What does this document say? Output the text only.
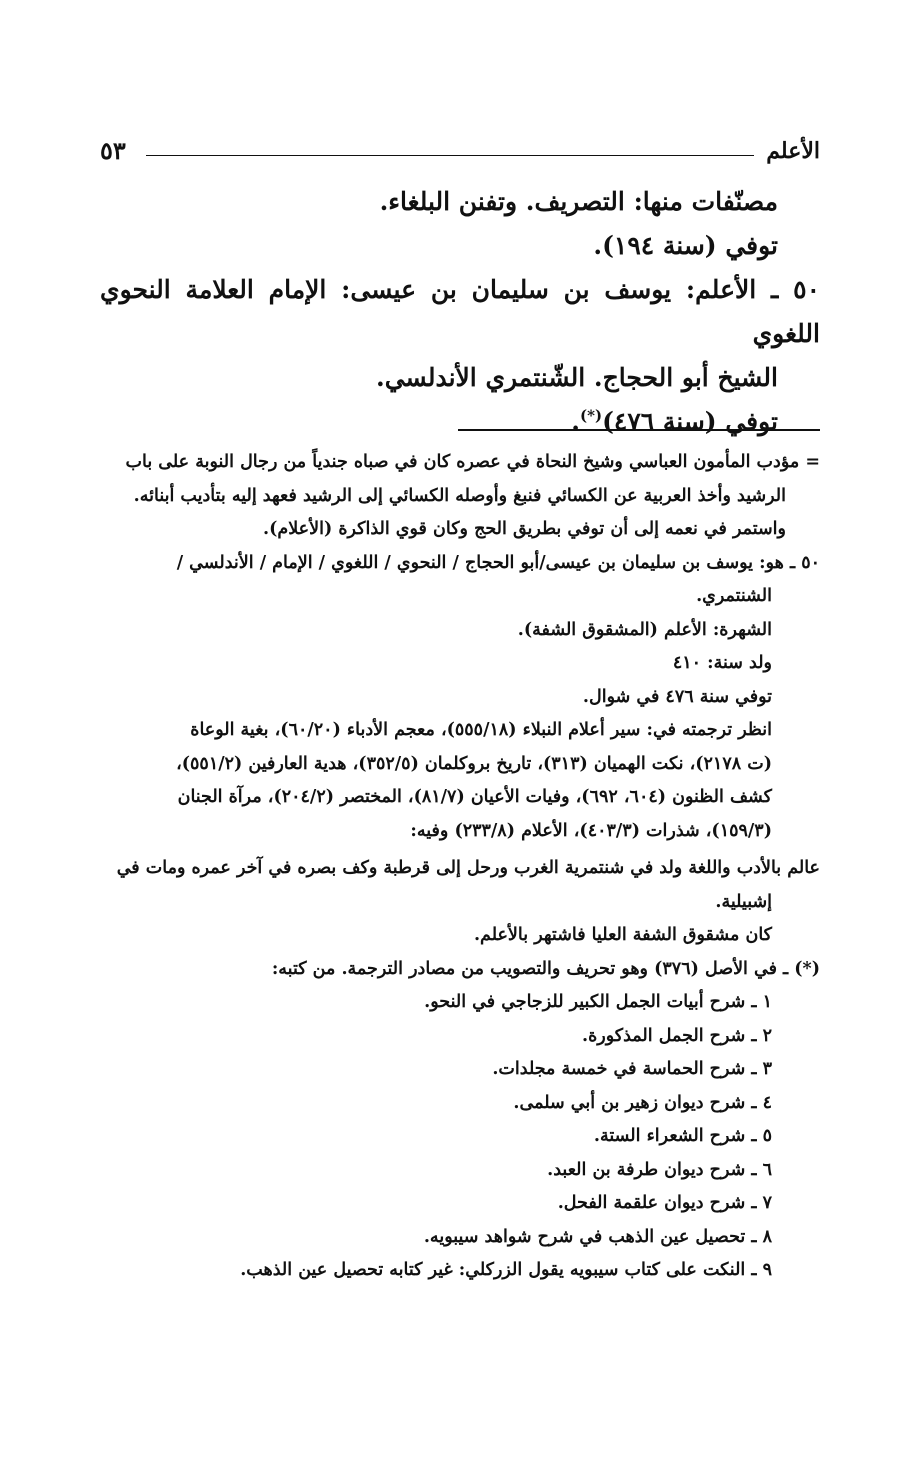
الأعلم
٥٣
مصنّفات منها: التصريف. وتفنن البلغاء.
توفي (سنة ١٩٤).
٥٠ ـ الأعلم: يوسف بن سليمان بن عيسى: الإمام العلامة النحوي اللغوي
الشيخ أبو الحجاج. الشّنتمري الأندلسي.
توفي (سنة ٤٧٦)(*).

= مؤدب المأمون العباسي وشيخ النحاة في عصره كان في صباه جندياً من رجال النوبة على باب

الرشيد وأخذ العربية عن الكسائي فنبغ وأوصله الكسائي إلى الرشيد فعهد إليه بتأديب أبنائه.

واستمر في نعمه إلى أن توفي بطريق الحج وكان قوي الذاكرة (الأعلام).

٥٠ ـ هو: يوسف بن سليمان بن عيسى/أبو الحجاج / النحوي / اللغوي / الإمام / الأندلسي /

الشنتمري.

الشهرة: الأعلم (المشقوق الشفة).

ولد سنة: ٤١٠

توفي سنة ٤٧٦ في شوال.

انظر ترجمته في: سير أعلام النبلاء (٥٥٥/١٨)، معجم الأدباء (٦٠/٢٠)، بغية الوعاة

(ت ٢١٧٨)، نكت الهميان (٣١٣)، تاريخ بروكلمان (٣٥٢/٥)، هدية العارفين (٥٥١/٢)،

كشف الظنون (٦٠٤، ٦٩٢)، وفيات الأعيان (٨١/٧)، المختصر (٢٠٤/٢)، مرآة الجنان

(١٥٩/٣)، شذرات (٤٠٣/٣)، الأعلام (٢٣٣/٨) وفيه:

عالم بالأدب واللغة ولد في شنتمرية الغرب ورحل إلى قرطبة وكف بصره في آخر عمره ومات في

إشبيلية.

كان مشقوق الشفة العليا فاشتهر بالأعلم.

(*) ـ في الأصل (٣٧٦) وهو تحريف والتصويب من مصادر الترجمة. من كتبه:

١ ـ شرح أبيات الجمل الكبير للزجاجي في النحو.
٢ ـ شرح الجمل المذكورة.
٣ ـ شرح الحماسة في خمسة مجلدات.
٤ ـ شرح ديوان زهير بن أبي سلمى.
٥ ـ شرح الشعراء الستة.
٦ ـ شرح ديوان طرفة بن العبد.
٧ ـ شرح ديوان علقمة الفحل.
٨ ـ تحصيل عين الذهب في شرح شواهد سيبويه.
٩ ـ النكت على كتاب سيبويه يقول الزركلي: غير كتابه تحصيل عين الذهب.
